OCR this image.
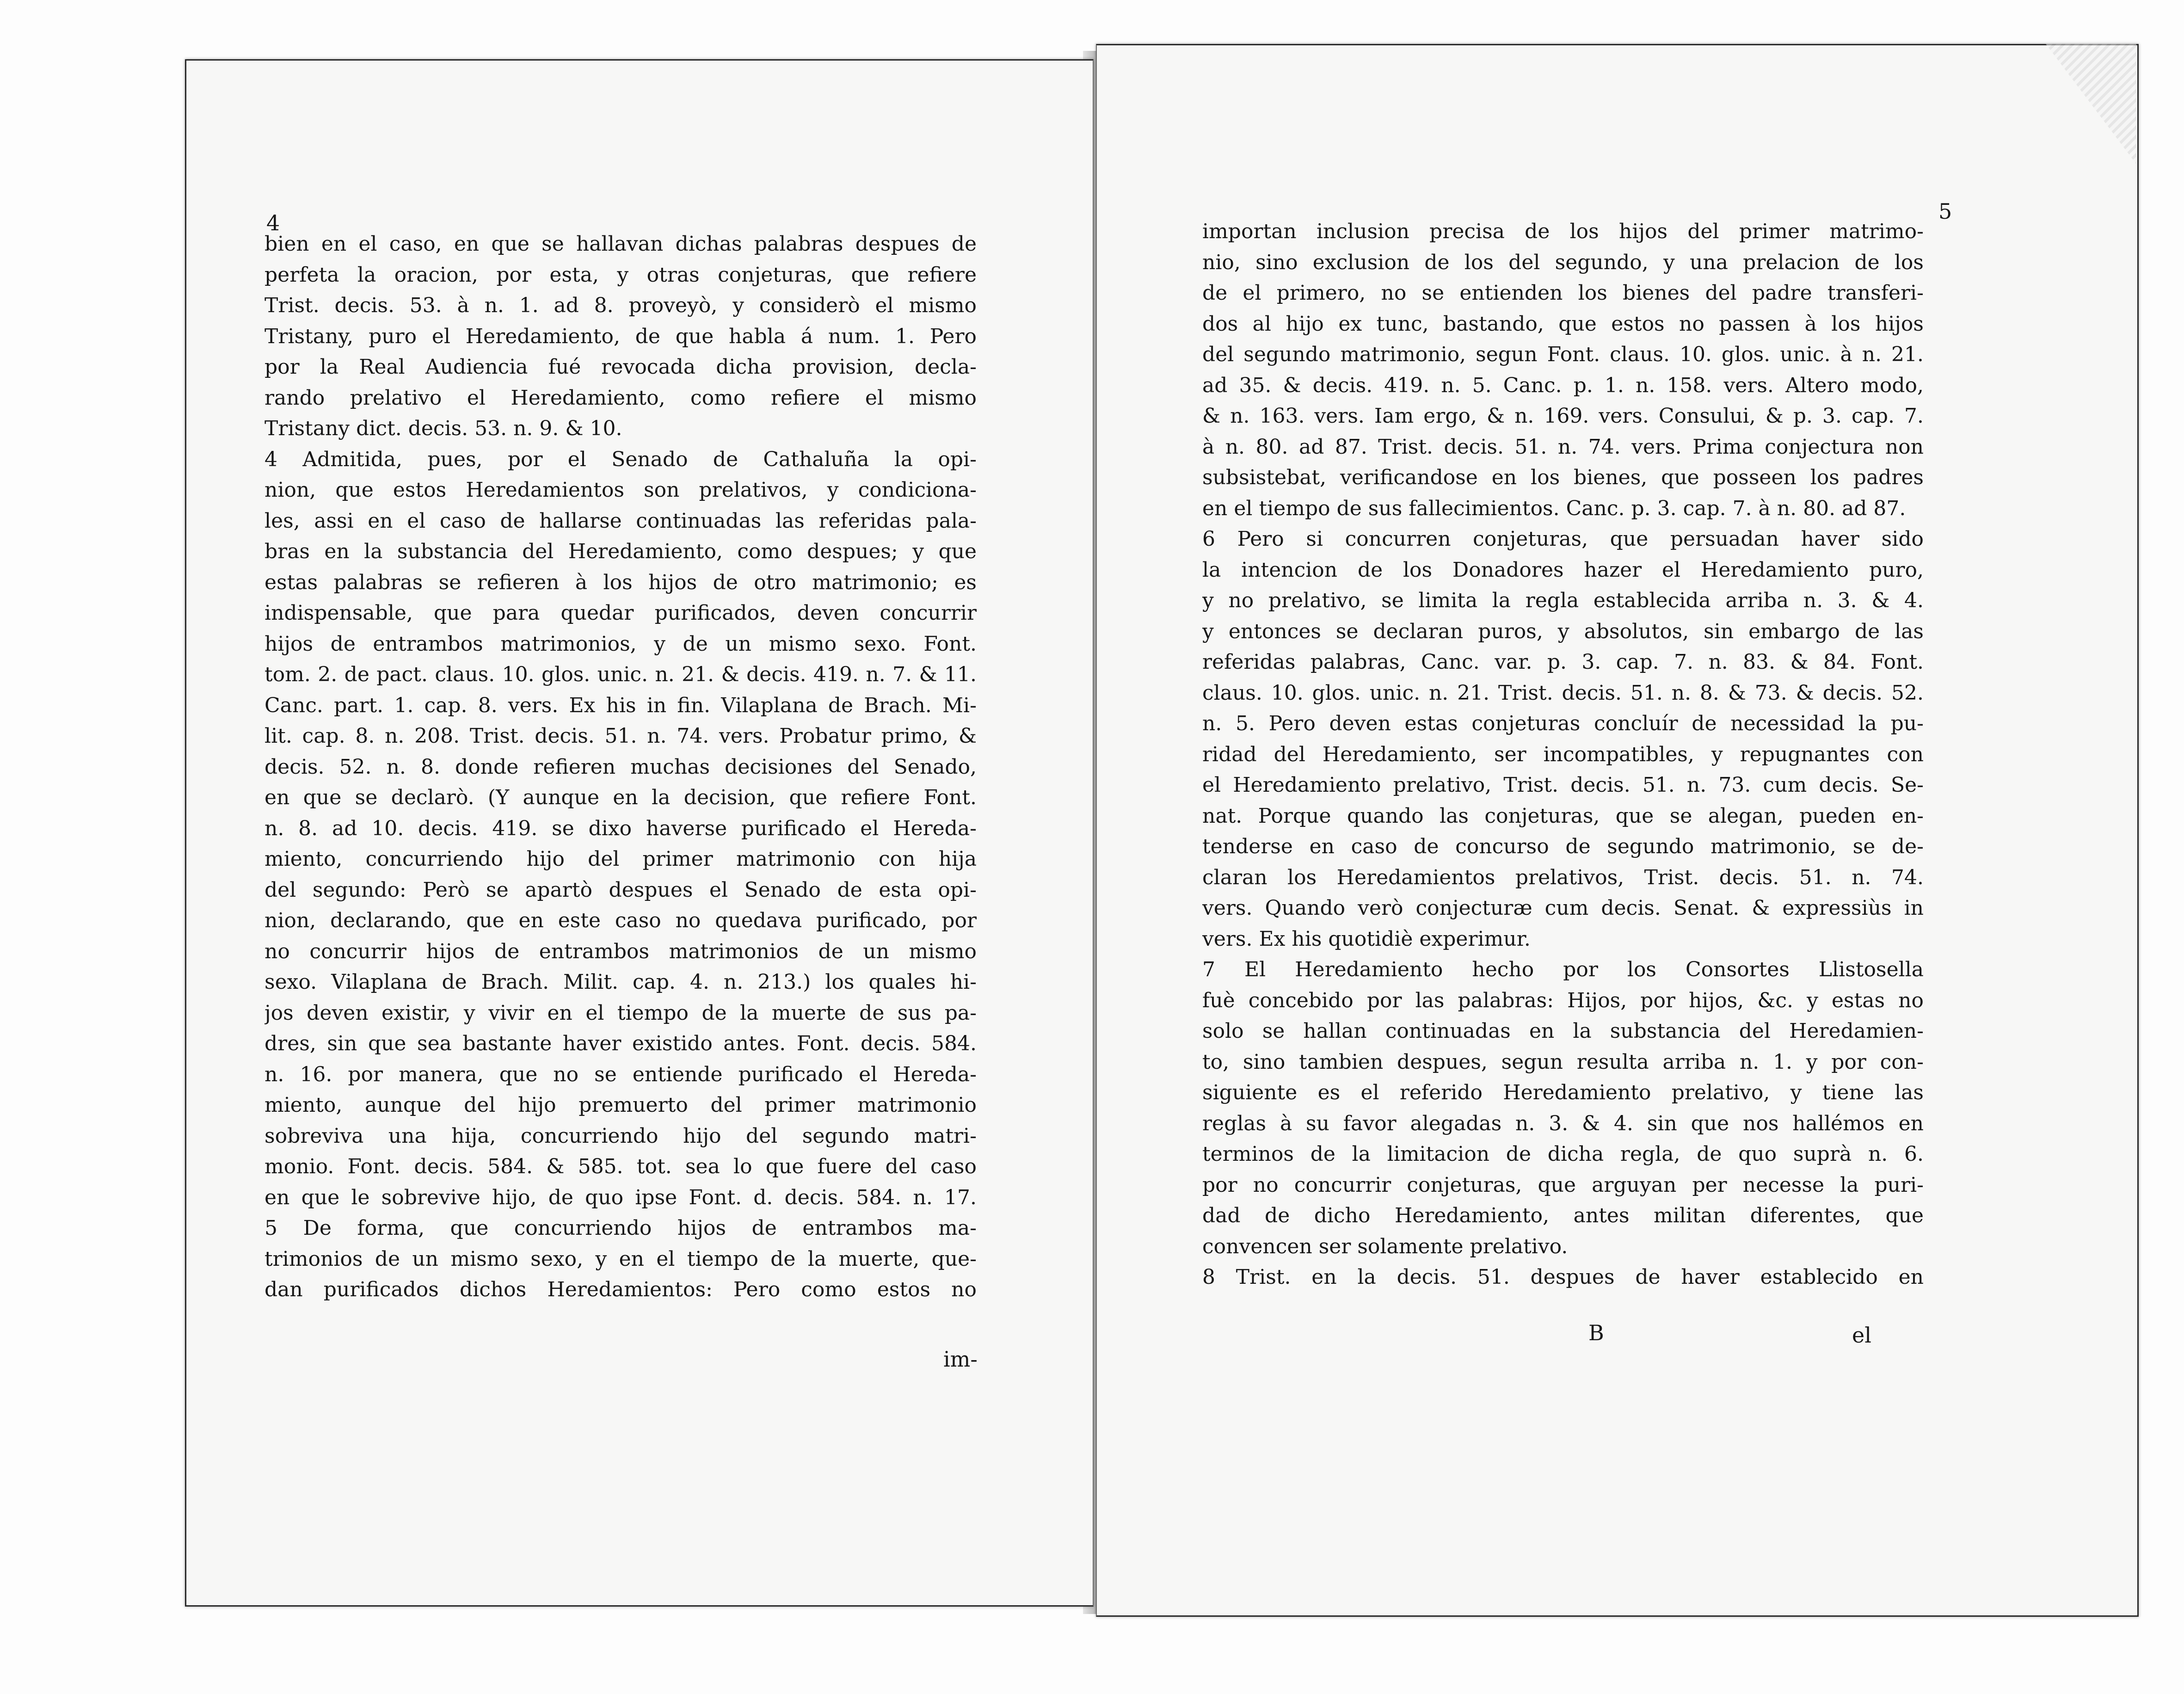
4
bien en el caso, en que se hallavan dichas palabras despues de
perfeta la oracion, por esta, y otras conjeturas, que refiere
Trist. decis. 53. à n. 1. ad 8. proveyò, y considerò el mismo
Tristany, puro el Heredamiento, de que habla á num. 1. Pero
por la Real Audiencia fué revocada dicha provision, decla-
rando prelativo el Heredamiento, como refiere el mismo
Tristany dict. decis. 53. n. 9. & 10.
4 Admitida, pues, por el Senado de Cathaluña la opi-
nion, que estos Heredamientos son prelativos, y condiciona-
les, assi en el caso de hallarse continuadas las referidas pala-
bras en la substancia del Heredamiento, como despues; y que
estas palabras se refieren à los hijos de otro matrimonio; es
indispensable, que para quedar purificados, deven concurrir
hijos de entrambos matrimonios, y de un mismo sexo. Font.
tom. 2. de pact. claus. 10. glos. unic. n. 21. & decis. 419. n. 7. & 11.
Canc. part. 1. cap. 8. vers. Ex his in fin. Vilaplana de Brach. Mi-
lit. cap. 8. n. 208. Trist. decis. 51. n. 74. vers. Probatur primo, &
decis. 52. n. 8. donde refieren muchas decisiones del Senado,
en que se declarò. (Y aunque en la decision, que refiere Font.
n. 8. ad 10. decis. 419. se dixo haverse purificado el Hereda-
miento, concurriendo hijo del primer matrimonio con hija
del segundo: Però se apartò despues el Senado de esta opi-
nion, declarando, que en este caso no quedava purificado, por
no concurrir hijos de entrambos matrimonios de un mismo
sexo. Vilaplana de Brach. Milit. cap. 4. n. 213.) los quales hi-
jos deven existir, y vivir en el tiempo de la muerte de sus pa-
dres, sin que sea bastante haver existido antes. Font. decis. 584.
n. 16. por manera, que no se entiende purificado el Hereda-
miento, aunque del hijo premuerto del primer matrimonio
sobreviva una hija, concurriendo hijo del segundo matri-
monio. Font. decis. 584. & 585. tot. sea lo que fuere del caso
en que le sobrevive hijo, de quo ipse Font. d. decis. 584. n. 17.
5 De forma, que concurriendo hijos de entrambos ma-
trimonios de un mismo sexo, y en el tiempo de la muerte, que-
dan purificados dichos Heredamientos: Pero como estos no
im-
5
importan inclusion precisa de los hijos del primer matrimo-
nio, sino exclusion de los del segundo, y una prelacion de los
de el primero, no se entienden los bienes del padre transferi-
dos al hijo ex tunc, bastando, que estos no passen à los hijos
del segundo matrimonio, segun Font. claus. 10. glos. unic. à n. 21.
ad 35. & decis. 419. n. 5. Canc. p. 1. n. 158. vers. Altero modo,
& n. 163. vers. Iam ergo, & n. 169. vers. Consului, & p. 3. cap. 7.
à n. 80. ad 87. Trist. decis. 51. n. 74. vers. Prima conjectura non
subsistebat, verificandose en los bienes, que posseen los padres
en el tiempo de sus fallecimientos. Canc. p. 3. cap. 7. à n. 80. ad 87.
6 Pero si concurren conjeturas, que persuadan haver sido
la intencion de los Donadores hazer el Heredamiento puro,
y no prelativo, se limita la regla establecida arriba n. 3. & 4.
y entonces se declaran puros, y absolutos, sin embargo de las
referidas palabras, Canc. var. p. 3. cap. 7. n. 83. & 84. Font.
claus. 10. glos. unic. n. 21. Trist. decis. 51. n. 8. & 73. & decis. 52.
n. 5. Pero deven estas conjeturas concluír de necessidad la pu-
ridad del Heredamiento, ser incompatibles, y repugnantes con
el Heredamiento prelativo, Trist. decis. 51. n. 73. cum decis. Se-
nat. Porque quando las conjeturas, que se alegan, pueden en-
tenderse en caso de concurso de segundo matrimonio, se de-
claran los Heredamientos prelativos, Trist. decis. 51. n. 74.
vers. Quando verò conjecturæ cum decis. Senat. & expressiùs in
vers. Ex his quotidiè experimur.
7 El Heredamiento hecho por los Consortes Llistosella
fuè concebido por las palabras: Hijos, por hijos, &c. y estas no
solo se hallan continuadas en la substancia del Heredamien-
to, sino tambien despues, segun resulta arriba n. 1. y por con-
siguiente es el referido Heredamiento prelativo, y tiene las
reglas à su favor alegadas n. 3. & 4. sin que nos hallémos en
terminos de la limitacion de dicha regla, de quo suprà n. 6.
por no concurrir conjeturas, que arguyan per necesse la puri-
dad de dicho Heredamiento, antes militan diferentes, que
convencen ser solamente prelativo.
8 Trist. en la decis. 51. despues de haver establecido en
B	el
